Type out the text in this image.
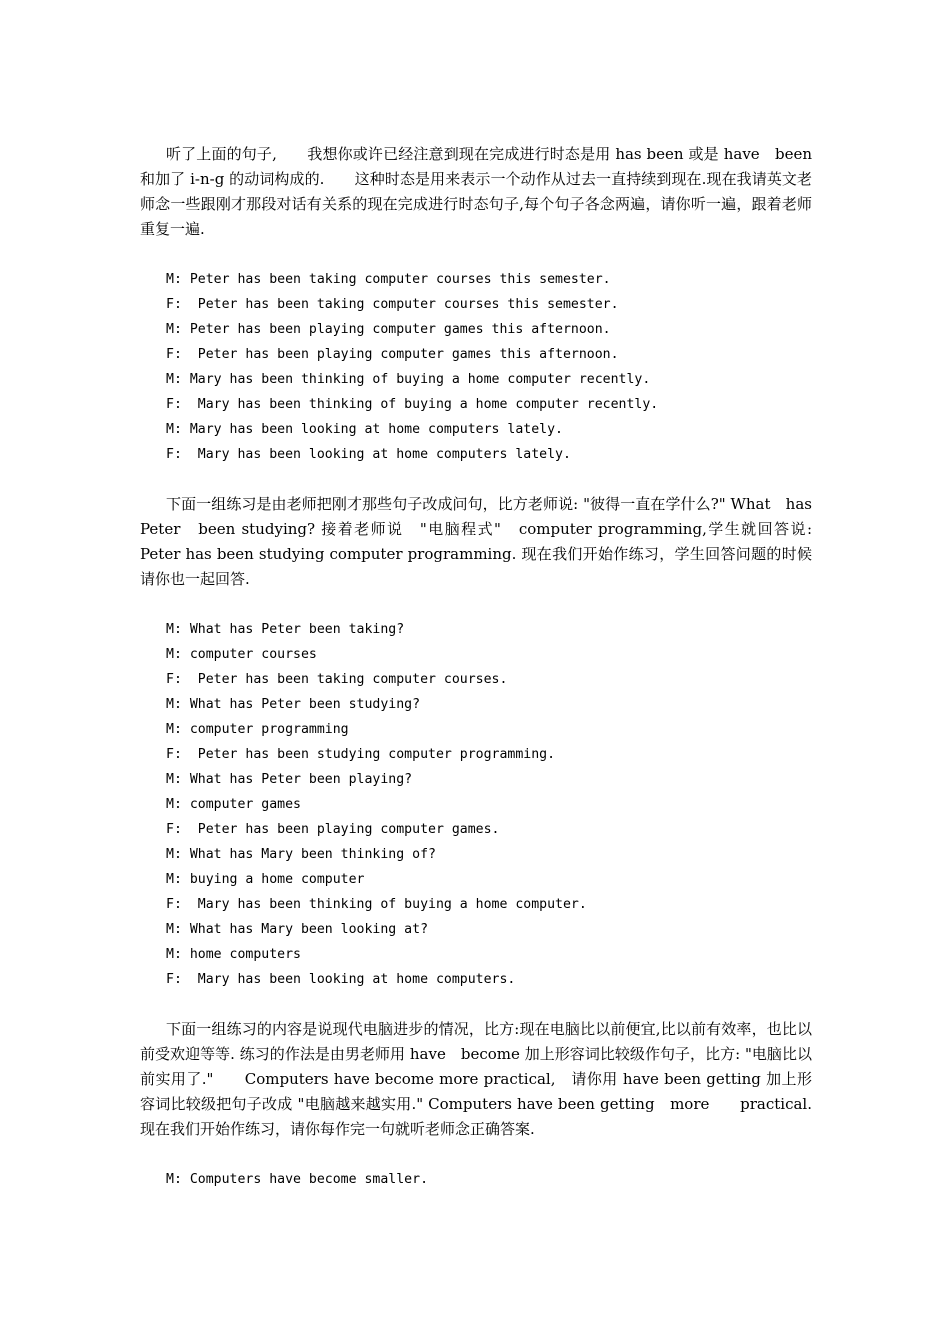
听了上面的句子,　　我想你或许已经注意到现在完成进行时态是用 has been 或是 have　been 和加了 i-n-g 的动词构成的.　　这种时态是用来表示一个动作从过去一直持续到现在.现在我请英文老师念一些跟刚才那段对话有关系的现在完成进行时态句子,每个句子各念两遍，请你听一遍，跟着老师重复一遍.

M: Peter has been taking computer courses this semester.
F:  Peter has been taking computer courses this semester.
M: Peter has been playing computer games this afternoon.
F:  Peter has been playing computer games this afternoon.
M: Mary has been thinking of buying a home computer recently.
F:  Mary has been thinking of buying a home computer recently.
M: Mary has been looking at home computers lately.
F:  Mary has been looking at home computers lately.

下面一组练习是由老师把刚才那些句子改成问句，比方老师说: "彼得一直在学什么?" What　has Peter　been studying? 接着老师说　"电脑程式"　computer programming,学生就回答说: Peter has been studying computer programming. 现在我们开始作练习，学生回答问题的时候请你也一起回答.

M: What has Peter been taking?
M: computer courses
F:  Peter has been taking computer courses.
M: What has Peter been studying?
M: computer programming
F:  Peter has been studying computer programming.
M: What has Peter been playing?
M: computer games
F:  Peter has been playing computer games.
M: What has Mary been thinking of?
M: buying a home computer
F:  Mary has been thinking of buying a home computer.
M: What has Mary been looking at?
M: home computers
F:  Mary has been looking at home computers.

下面一组练习的内容是说现代电脑进步的情况，比方:现在电脑比以前便宜,比以前有效率，也比以前受欢迎等等. 练习的作法是由男老师用 have　become 加上形容词比较级作句子，比方: "电脑比以前实用了."　　Computers have become more practical,　请你用 have been getting 加上形容词比较级把句子改成 "电脑越来越实用." Computers have been getting　more　　practical.　现在我们开始作练习，请你每作完一句就听老师念正确答案.

M: Computers have become smaller.
